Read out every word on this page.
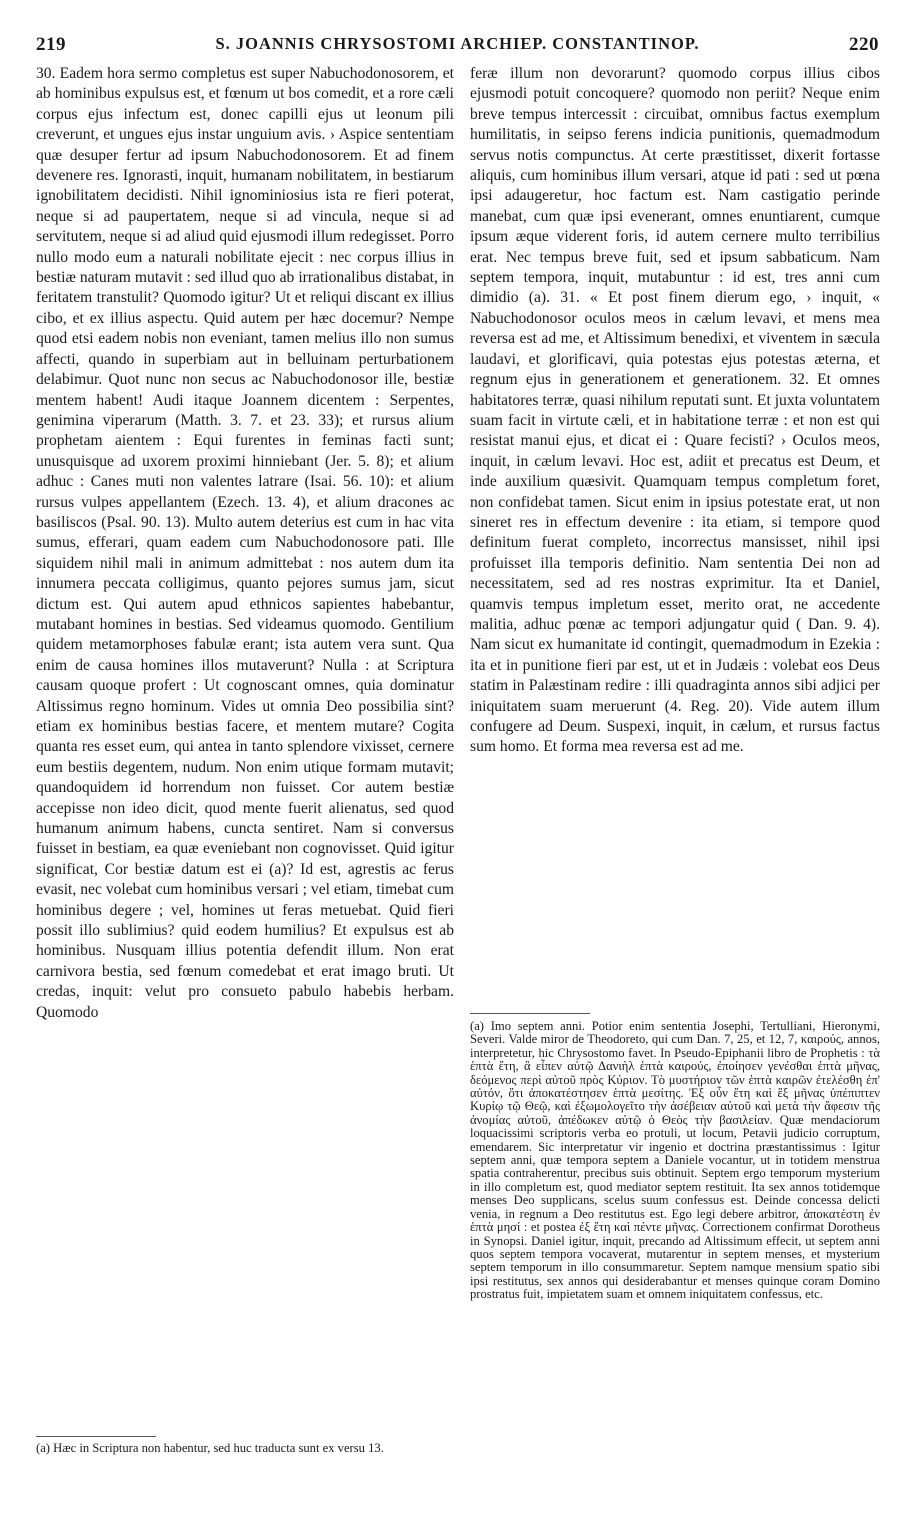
219	S. JOANNIS CHRYSOSTOMI ARCHIEP. CONSTANTINOP.	220

30. Eadem hora sermo completus est super Nabuchodonosorem, et ab hominibus expulsus est, et fœnum ut bos comedit, et a rore cæli corpus ejus infectum est, donec capilli ejus ut leonum pili creverunt, et ungues ejus instar unguium avis. › Aspice sententiam quæ desuper fertur ad ipsum Nabuchodonosorem. Et ad finem devenere res. Ignorasti, inquit, humanam nobilitatem, in bestiarum ignobilitatem decidisti. Nihil ignominiosius ista re fieri poterat, neque si ad paupertatem, neque si ad vincula, neque si ad servitutem, neque si ad aliud quid ejusmodi illum redegisset. Porro nullo modo eum a naturali nobilitate ejecit : nec corpus illius in bestiæ naturam mutavit : sed illud quo ab irrationalibus distabat, in feritatem transtulit? Quomodo igitur? Ut et reliqui discant ex illius cibo, et ex illius aspectu. Quid autem per hæc docemur? Nempe quod etsi eadem nobis non eveniant, tamen melius illo non sumus affecti, quando in superbiam aut in belluinam perturbationem delabimur. Quot nunc non secus ac Nabuchodonosor ille, bestiæ mentem habent! Audi itaque Joannem dicentem : Serpentes, genimina viperarum (Matth. 3. 7. et 23. 33); et rursus alium prophetam aientem : Equi furentes in feminas facti sunt; unusquisque ad uxorem proximi hinniebant (Jer. 5. 8); et alium adhuc : Canes muti non valentes latrare (Isai. 56. 10): et alium rursus vulpes appellantem (Ezech. 13. 4), et alium dracones ac basiliscos (Psal. 90. 13). Multo autem deterius est cum in hac vita sumus, efferari, quam eadem cum Nabuchodonosore pati. Ille siquidem nihil mali in animum admittebat : nos autem dum ita innumera peccata colligimus, quanto pejores sumus jam, sicut dictum est. Qui autem apud ethnicos sapientes habebantur, mutabant homines in bestias. Sed videamus quomodo. Gentilium quidem metamorphoses fabulæ erant; ista autem vera sunt. Qua enim de causa homines illos mutaverunt? Nulla : at Scriptura causam quoque profert : Ut cognoscant omnes, quia dominatur Altissimus regno hominum. Vides ut omnia Deo possibilia sint? etiam ex hominibus bestias facere, et mentem mutare? Cogita quanta res esset eum, qui antea in tanto splendore vixisset, cernere eum bestiis degentem, nudum. Non enim utique formam mutavit; quandoquidem id horrendum non fuisset. Cor autem bestiæ accepisse non ideo dicit, quod mente fuerit alienatus, sed quod humanum animum habens, cuncta sentiret. Nam si conversus fuisset in bestiam, ea quæ eveniebant non cognovisset. Quid igitur significat, Cor bestiæ datum est ei (a)? Id est, agrestis ac ferus evasit, nec volebat cum hominibus versari ; vel etiam, timebat cum hominibus degere ; vel, homines ut feras metuebat. Quid fieri possit illo sublimius? quid eodem humilius? Et expulsus est ab hominibus. Nusquam illius potentia defendit illum. Non erat carnivora bestia, sed fœnum comedebat et erat imago bruti. Ut credas, inquit: velut pro consueto pabulo habebis herbam. Quomodo

(a) Hæc in Scriptura non habentur, sed huc traducta sunt ex versu 13.

feræ illum non devorarunt? quomodo corpus illius cibos ejusmodi potuit concoquere? quomodo non periit? Neque enim breve tempus intercessit : circuibat, omnibus factus exemplum humilitatis, in seipso ferens indicia punitionis, quemadmodum servus notis compunctus. At certe præstitisset, dixerit fortasse aliquis, cum hominibus illum versari, atque id pati : sed ut pœna ipsi adaugeretur, hoc factum est. Nam castigatio perinde manebat, cum quæ ipsi evenerant, omnes enuntiarent, cumque ipsum æque viderent foris, id autem cernere multo terribilius erat. Nec tempus breve fuit, sed et ipsum sabbaticum. Nam septem tempora, inquit, mutabuntur : id est, tres anni cum dimidio (a). 31. « Et post finem dierum ego, › inquit, « Nabuchodonosor oculos meos in cælum levavi, et mens mea reversa est ad me, et Altissimum benedixi, et viventem in sæcula laudavi, et glorificavi, quia potestas ejus potestas æterna, et regnum ejus in generationem et generationem. 32. Et omnes habitatores terræ, quasi nihilum reputati sunt. Et juxta voluntatem suam facit in virtute cæli, et in habitatione terræ : et non est qui resistat manui ejus, et dicat ei : Quare fecisti? › Oculos meos, inquit, in cælum levavi. Hoc est, adiit et precatus est Deum, et inde auxilium quæsivit. Quamquam tempus completum foret, non confidebat tamen. Sicut enim in ipsius potestate erat, ut non sineret res in effectum devenire : ita etiam, si tempore quod definitum fuerat completo, incorrectus mansisset, nihil ipsi profuisset illa temporis definitio. Nam sententia Dei non ad necessitatem, sed ad res nostras exprimitur. Ita et Daniel, quamvis tempus impletum esset, merito orat, ne accedente malitia, adhuc pœnæ ac tempori adjungatur quid ( Dan. 9. 4). Nam sicut ex humanitate id contingit, quemadmodum in Ezekia : ita et in punitione fieri par est, ut et in Judæis : volebat eos Deus statim in Palæstinam redire : illi quadraginta annos sibi adjici per iniquitatem suam meruerunt (4. Reg. 20). Vide autem illum confugere ad Deum. Suspexi, inquit, in cælum, et rursus factus sum homo. Et forma mea reversa est ad me.

(a) Imo septem anni. Potior enim sententia Josephi, Tertulliani, Hieronymi, Severi. Valde miror de Theodoreto, qui cum Dan. 7, 25, et 12, 7, καιρούς, annos, interpretetur, hic Chrysostomo favet. In Pseudo-Epiphanii libro de Prophetis : τὰ ἑπτὰ ἔτη, ἃ εἶπεν αὐτῷ Δανιὴλ ἑπτὰ καιρούς, ἐποίησεν γενέσθαι ἑπτὰ μῆνας, δεόμενος περὶ αὐτοῦ πρὸς Κύριον. Τὸ μυστήριον τῶν ἑπτὰ καιρῶν ἐτελέσθη ἐπ' αὐτόν, ὅτι ἀποκατέστησεν ἑπτὰ μεσίτης. Ἐξ οὖν ἔτη καὶ ἓξ μῆνας ὑπέπιπτεν Κυρίῳ τῷ Θεῷ, καὶ ἐξωμολογεῖτο τὴν ἀσέβειαν αὐτοῦ καὶ μετὰ τὴν ἄφεσιν τῆς ἀνομίας αὐτοῦ, ἀπέδωκεν αὐτῷ ὁ Θεὸς τὴν βασιλείαν. Quæ mendaciorum loquacissimi scriptoris verba eo protuli, ut locum, Petavii judicio corruptum, emendarem. Sic interpretatur vir ingenio et doctrina præstantissimus : Igitur septem anni, quæ tempora septem a Daniele vocantur, ut in totidem menstrua spatia contraherentur, precibus suis obtinuit. Septem ergo temporum mysterium in illo completum est, quod mediator septem restituit. Ita sex annos totidemque menses Deo supplicans, scelus suum confessus est. Deinde concessa delicti venia, in regnum a Deo restitutus est. Ego legi debere arbitror, ἀποκατέστη ἐν ἑπτὰ μησί : et postea ἐξ ἔτη καὶ πέντε μῆνας. Correctionem confirmat Dorotheus in Synopsi. Daniel igitur, inquit, precando ad Altissimum effecit, ut septem anni quos septem tempora vocaverat, mutarentur in septem menses, et mysterium septem temporum in illo consummaretur. Septem namque mensium spatio sibi ipsi restitutus, sex annos qui desiderabantur et menses quinque coram Domino prostratus fuit, impietatem suam et omnem iniquitatem confessus, etc.
